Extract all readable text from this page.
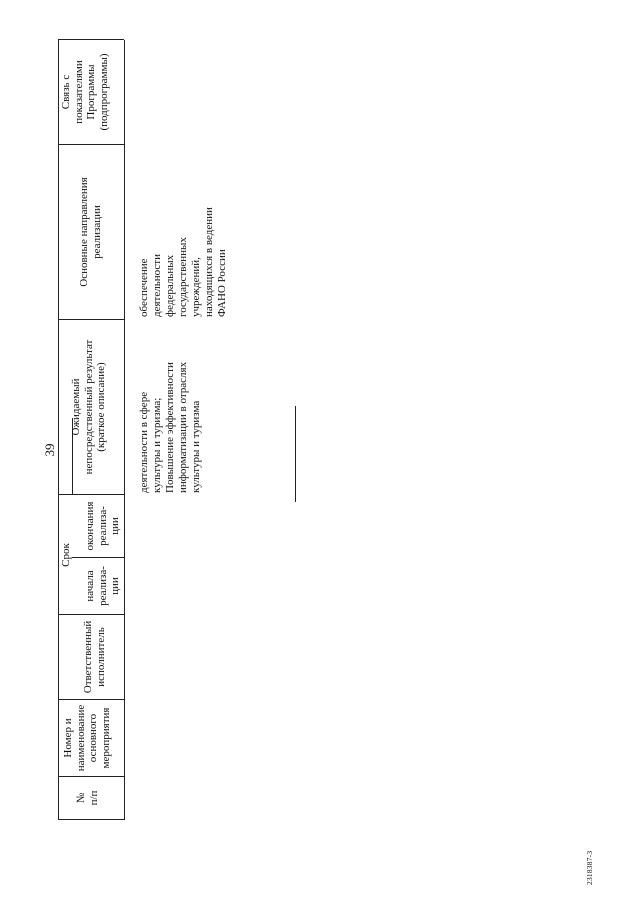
39
№
п/п
Номер и
наименование
основного
мероприятия
Ответственный
исполнитель
Срок
начала
реализа-
ции
окончания
реализа-
ции
Ожидаемый
непосредственный результат
(краткое описание)
Основные направления
реализации
Связь с
показателями
Программы
(подпрограммы)
деятельности в сфере
культуры и туризма;
Повышение эффективности
информатизации в отраслях
культуры и туризма
обеспечение
деятельности
федеральных
государственных
учреждений,
находящихся в ведении
ФАНО России
2318387-3
